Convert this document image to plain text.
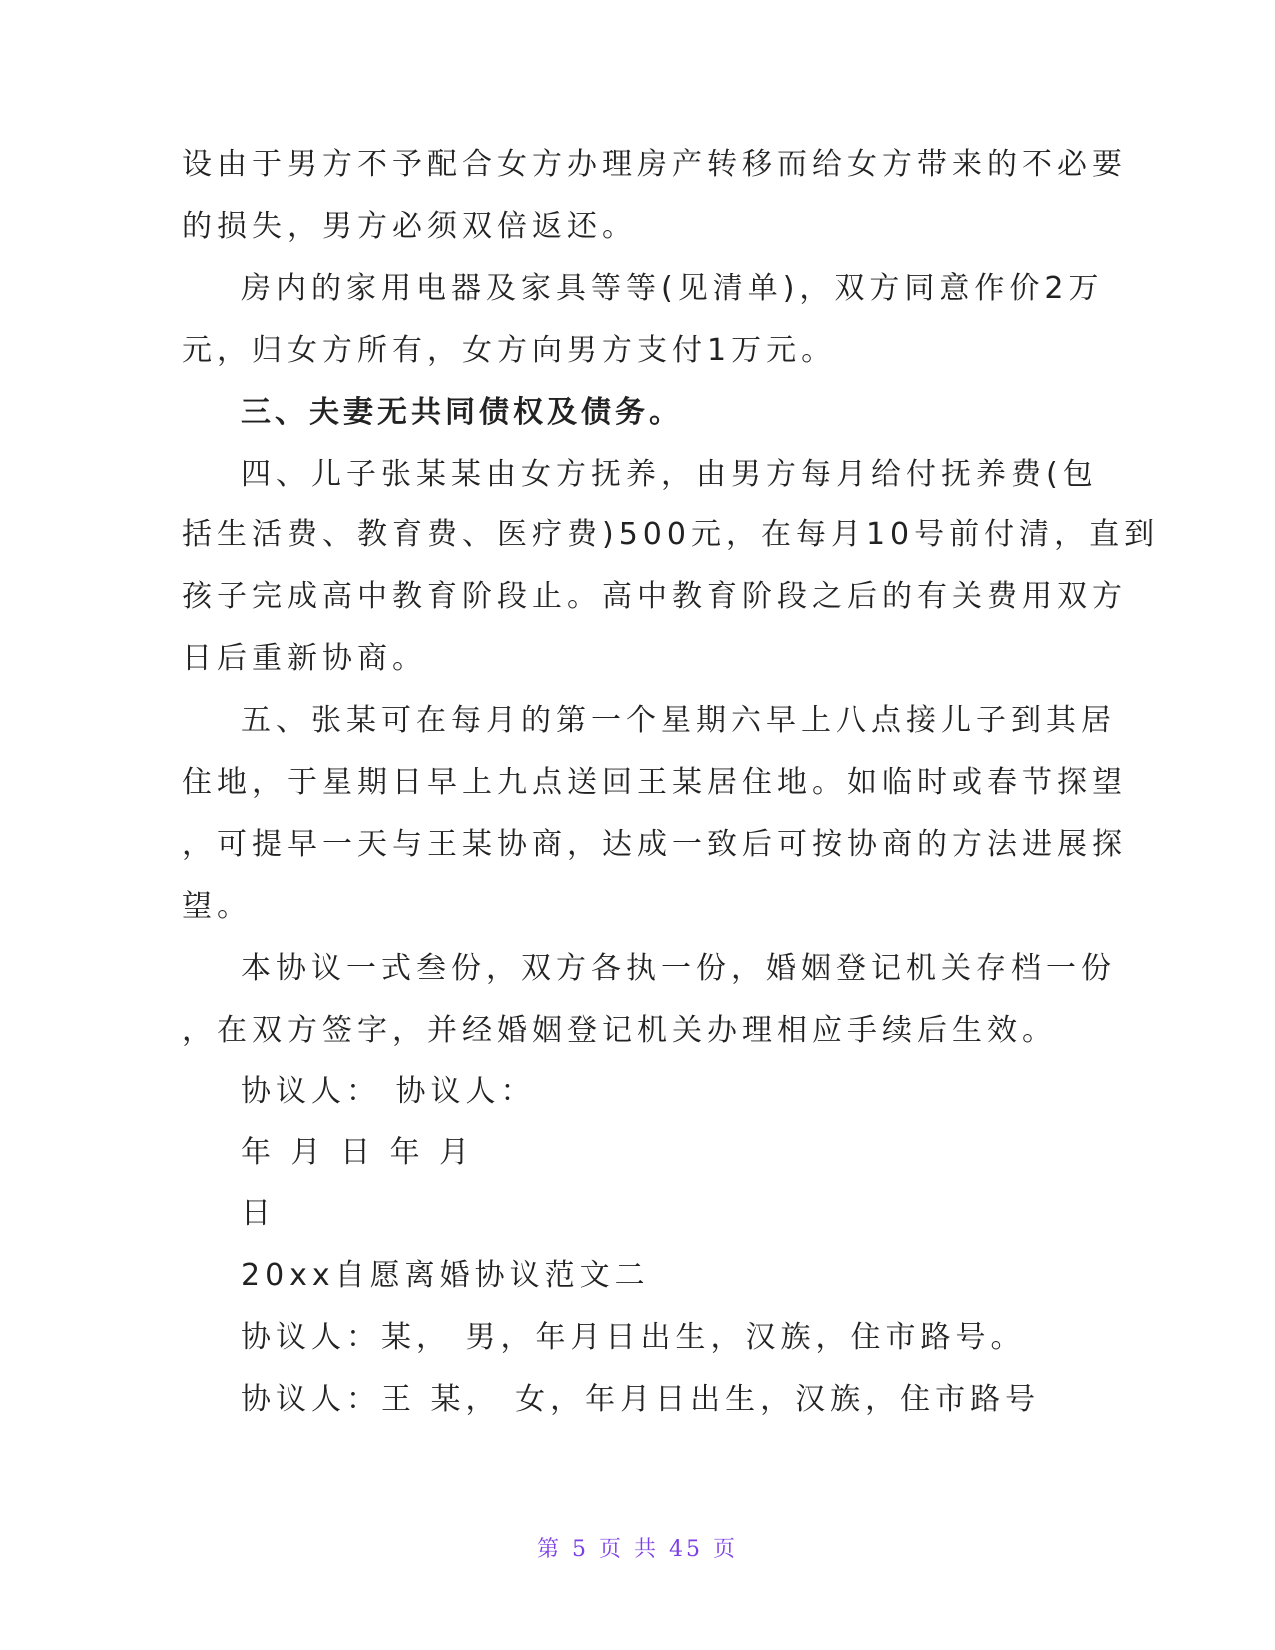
设由于男方不予配合女方办理房产转移而给女方带来的不必要
的损失，男方必须双倍返还。
房内的家用电器及家具等等(见清单)，双方同意作价2万
元，归女方所有，女方向男方支付1万元。
三、夫妻无共同债权及债务。
四、儿子张某某由女方抚养，由男方每月给付抚养费(包
括生活费、教育费、医疗费)500元，在每月10号前付清，直到
孩子完成高中教育阶段止。高中教育阶段之后的有关费用双方
日后重新协商。
五、张某可在每月的第一个星期六早上八点接儿子到其居
住地，于星期日早上九点送回王某居住地。如临时或春节探望
，可提早一天与王某协商，达成一致后可按协商的方法进展探
望。
本协议一式叁份，双方各执一份，婚姻登记机关存档一份
，在双方签字，并经婚姻登记机关办理相应手续后生效。
协议人： 协议人：
年 月 日 年 月
日
20xx自愿离婚协议范文二
协议人：某， 男，年月日出生，汉族，住市路号。
协议人：王 某， 女，年月日出生，汉族，住市路号
第 5 页 共 45 页
